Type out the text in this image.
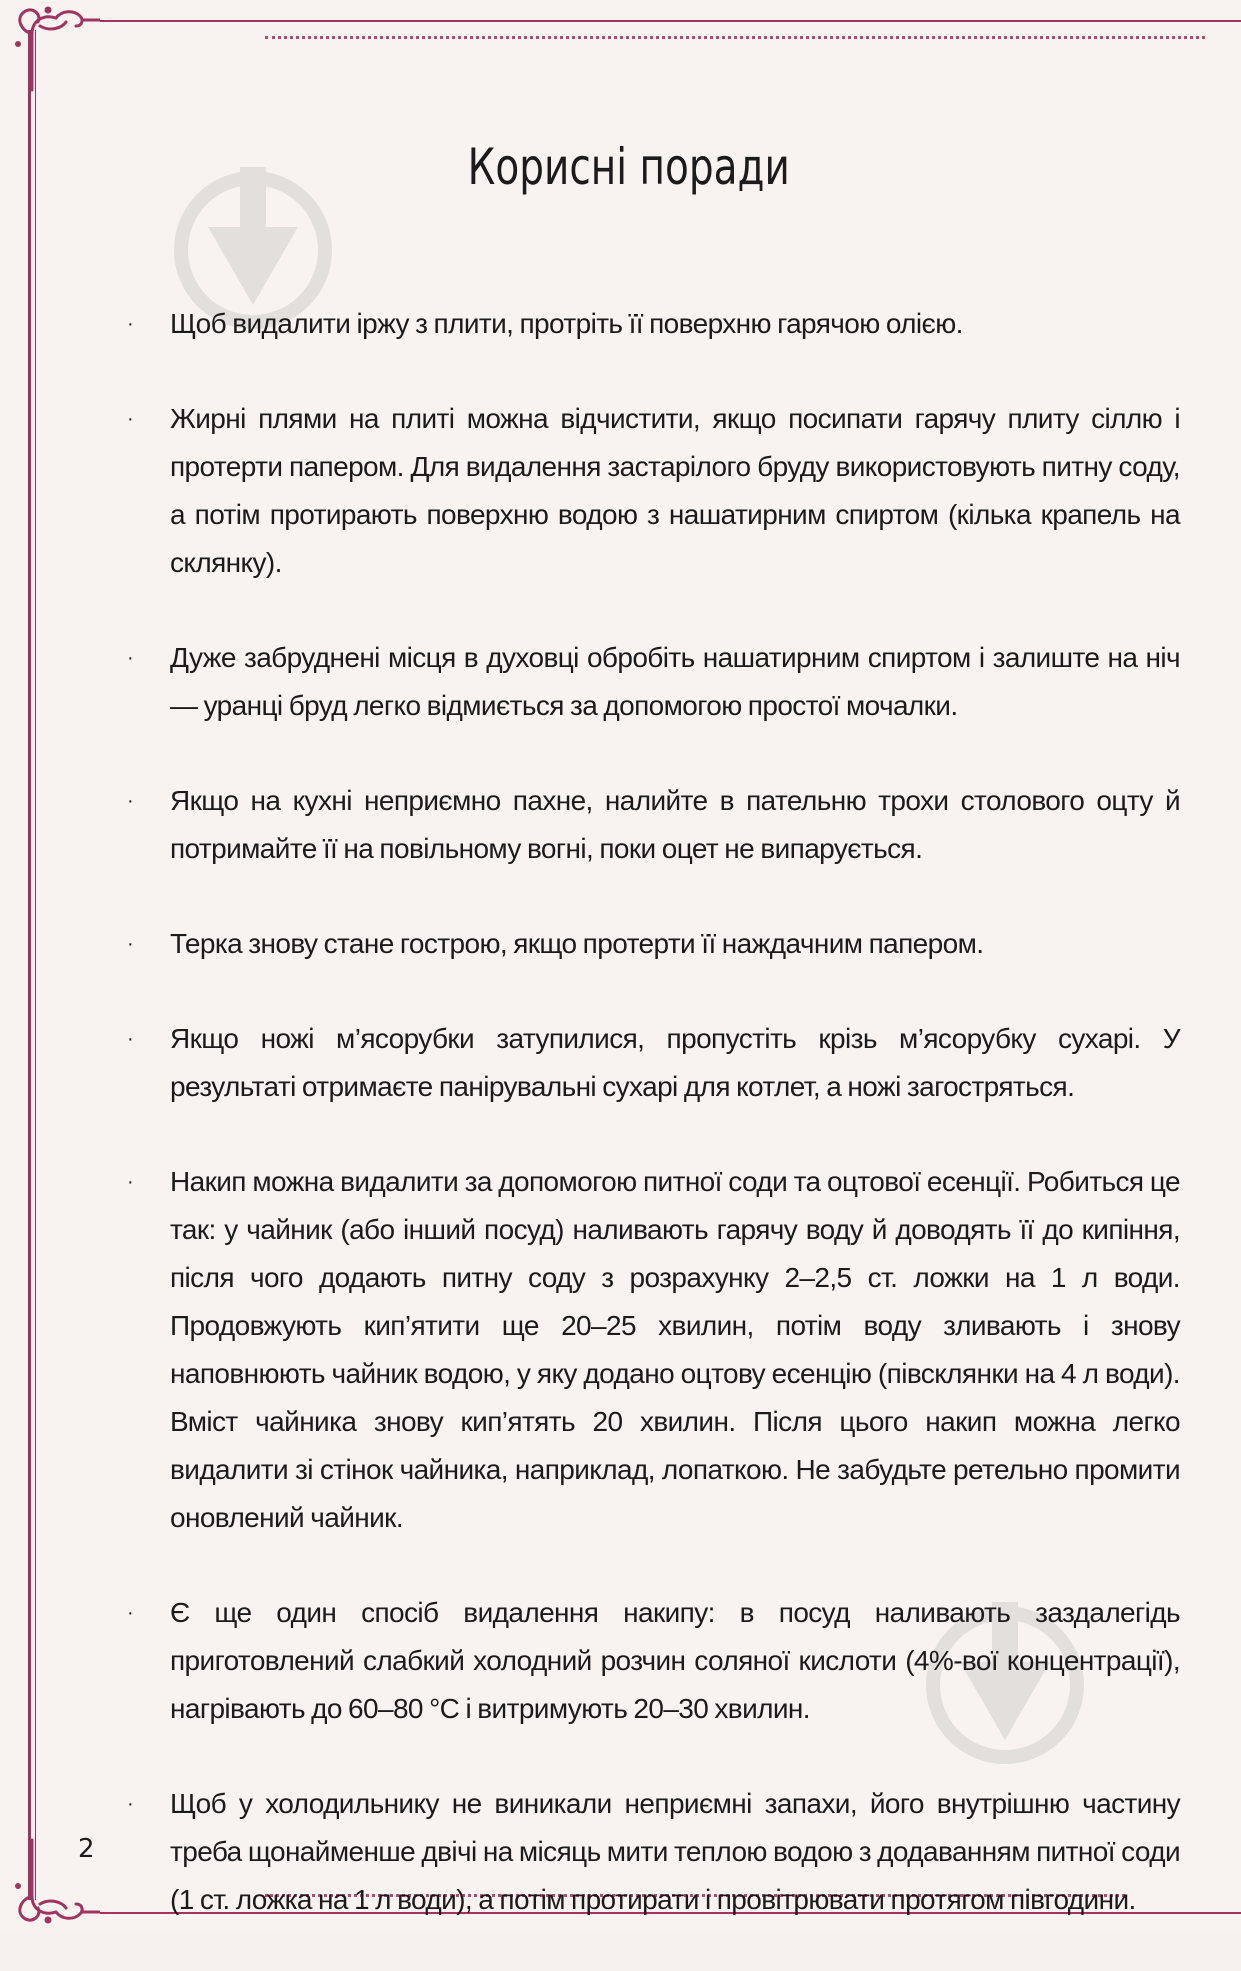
Корисні поради
· Щоб видалити іржу з плити, протріть її поверхню гарячою олією.
· Жирні плями на плиті можна відчистити, якщо посипати гарячу плиту сіллю і протерти папером. Для видалення застарілого бруду використовують питну соду, а потім протирають поверхню водою з нашатирним спиртом (кілька крапель на склянку).
· Дуже забруднені місця в духовці обробіть нашатирним спиртом і залиште на ніч — уранці бруд легко відмиється за допомогою простої мочалки.
· Якщо на кухні неприємно пахне, налийте в пательню трохи столового оцту й потримайте її на повільному вогні, поки оцет не випарується.
· Терка знову стане гострою, якщо протерти її наждачним папером.
· Якщо ножі м’ясорубки затупилися, пропустіть крізь м’ясорубку сухарі. У результаті отримаєте панірувальні сухарі для котлет, а ножі загостряться.
· Накип можна видалити за допомогою питної соди та оцтової есенції. Робиться це так: у чайник (або інший посуд) наливають гарячу воду й доводять її до кипіння, після чого додають питну соду з розрахунку 2–2,5 ст. ложки на 1 л води. Продовжують кип’ятити ще 20–25 хвилин, потім воду зливають і знову наповнюють чайник водою, у яку додано оцтову есенцію (півсклянки на 4 л води). Вміст чайника знову кип’ятять 20 хвилин. Після цього накип можна легко видалити зі стінок чайника, наприклад, лопаткою. Не забудьте ретельно промити оновлений чайник.
· Є ще один спосіб видалення накипу: в посуд наливають заздалегідь приготовлений слабкий холодний розчин соляної кислоти (4%-вої концентрації), нагрівають до 60–80 °С і витримують 20–30 хвилин.
· Щоб у холодильнику не виникали неприємні запахи, його внутрішню частину треба щонайменше двічі на місяць мити теплою водою з додаванням питної соди (1 ст. ложка на 1 л води), а потім протирати і провітрювати протягом півгодини.
2
